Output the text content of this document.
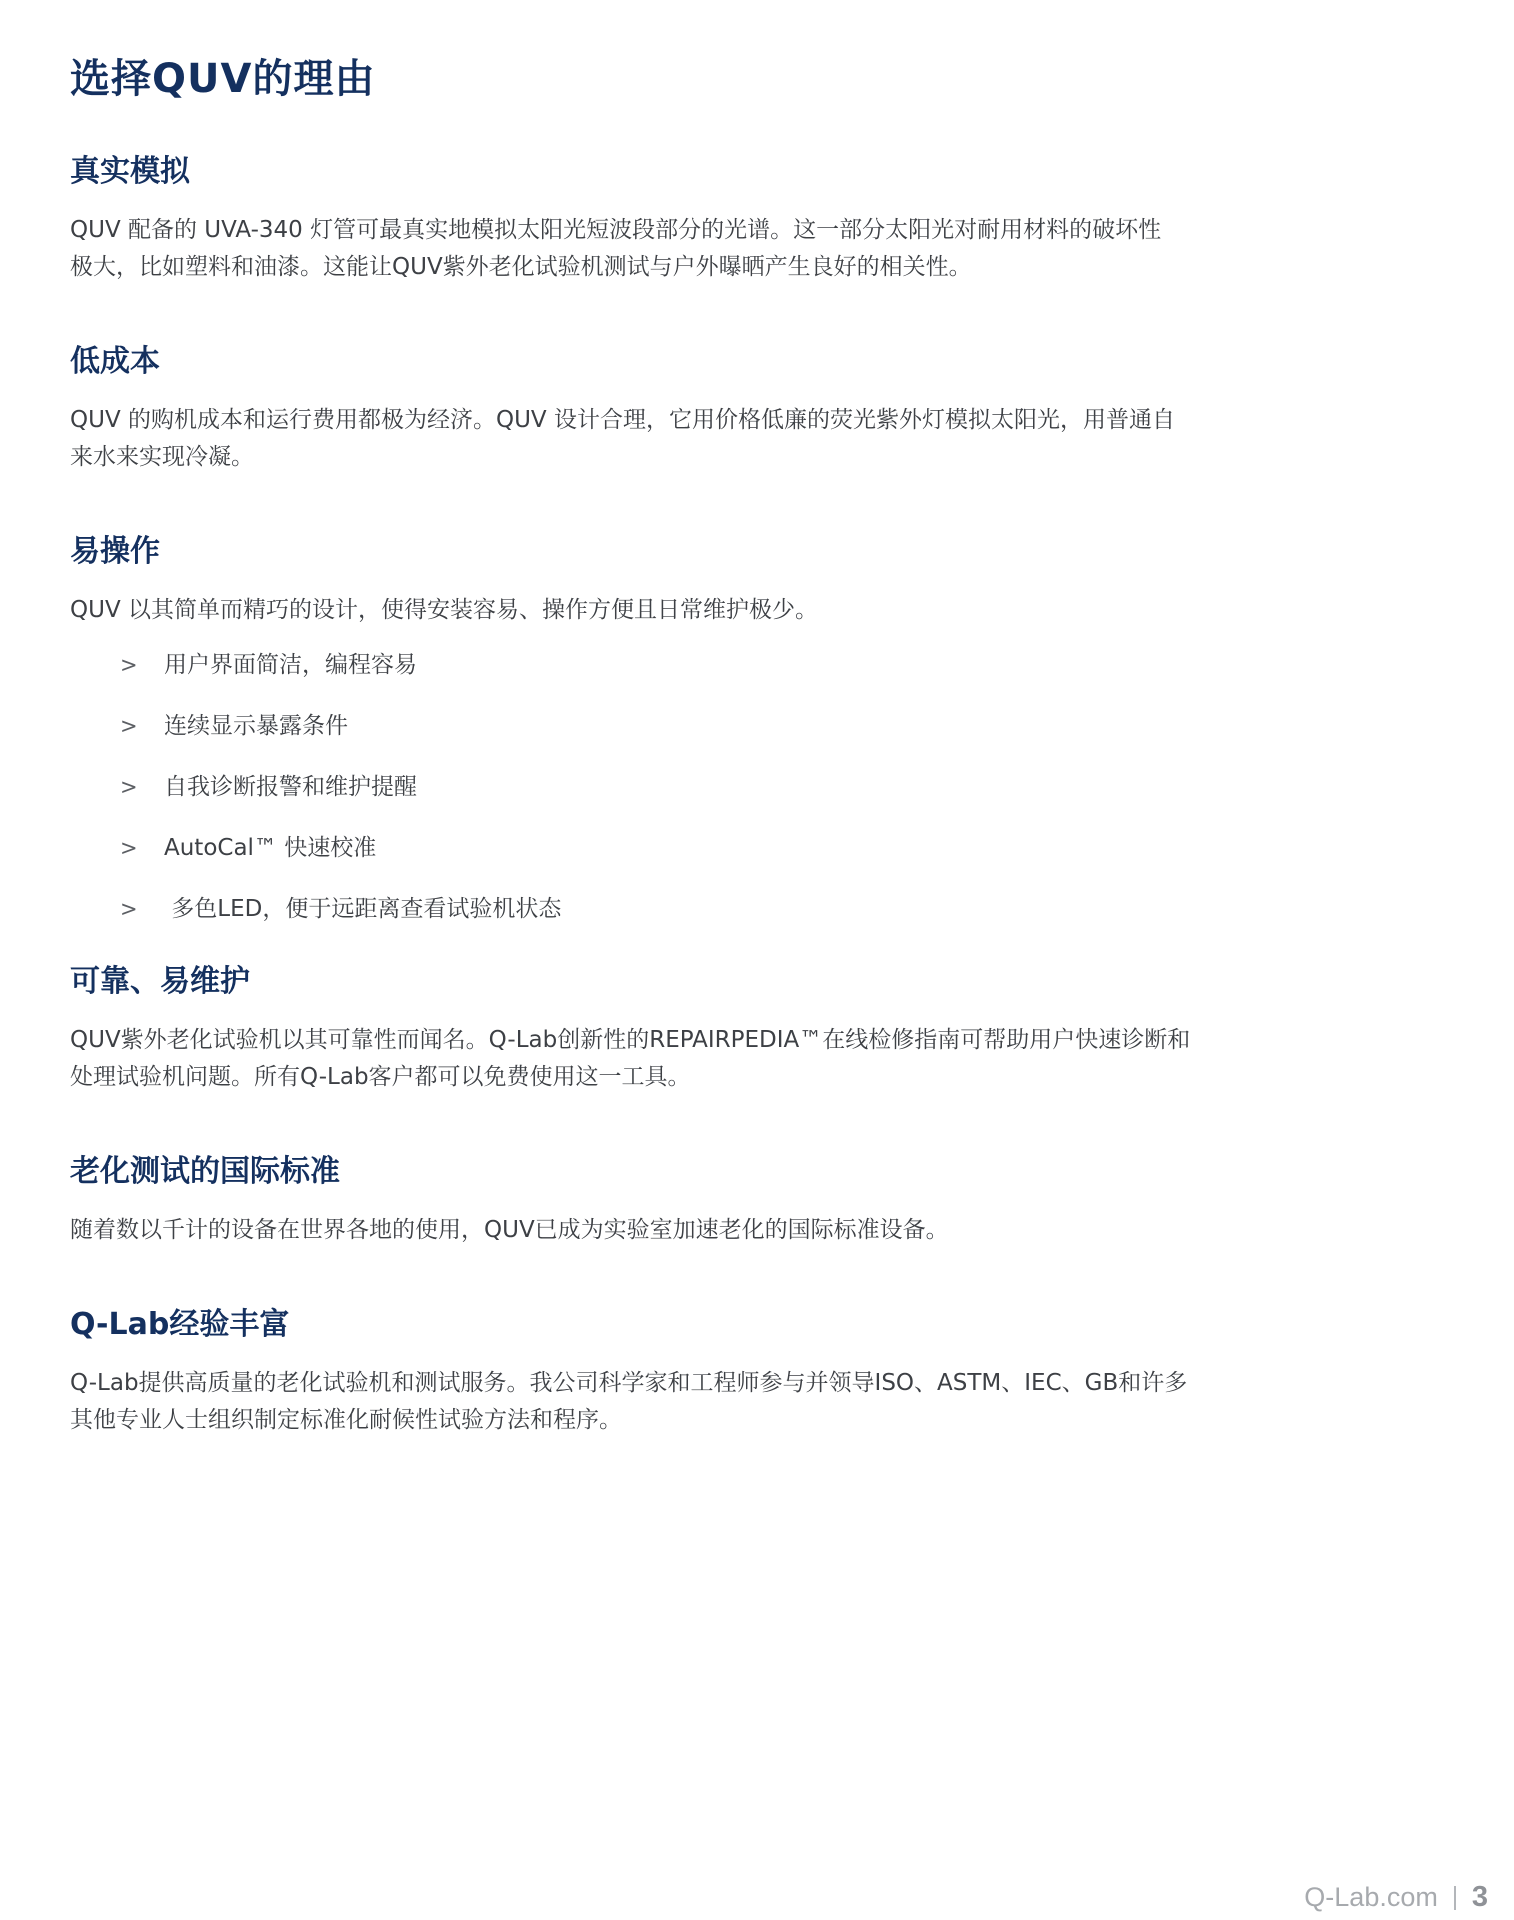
选择QUV的理由
真实模拟

QUV 配备的 UVA-340 灯管可最真实地模拟太阳光短波段部分的光谱。这一部分太阳光对耐用材料的破坏性
极大，比如塑料和油漆。这能让QUV紫外老化试验机测试与户外曝晒产生良好的相关性。

低成本

QUV 的购机成本和运行费用都极为经济。QUV 设计合理，它用价格低廉的荧光紫外灯模拟太阳光，用普通自
来水来实现冷凝。

易操作

QUV 以其简单而精巧的设计，使得安装容易、操作方便且日常维护极少。

>	用户界面简洁，编程容易
>	连续显示暴露条件
>	自我诊断报警和维护提醒
>	AutoCal™ 快速校准
>	多色LED，便于远距离查看试验机状态
可靠、易维护

QUV紫外老化试验机以其可靠性而闻名。Q-Lab创新性的REPAIRPEDIA™在线检修指南可帮助用户快速诊断和
处理试验机问题。所有Q-Lab客户都可以免费使用这一工具。

老化测试的国际标准

随着数以千计的设备在世界各地的使用，QUV已成为实验室加速老化的国际标准设备。

Q-Lab经验丰富

Q-Lab提供高质量的老化试验机和测试服务。我公司科学家和工程师参与并领导ISO、ASTM、IEC、GB和许多
其他专业人士组织制定标准化耐候性试验方法和程序。

Q-Lab.com 3
